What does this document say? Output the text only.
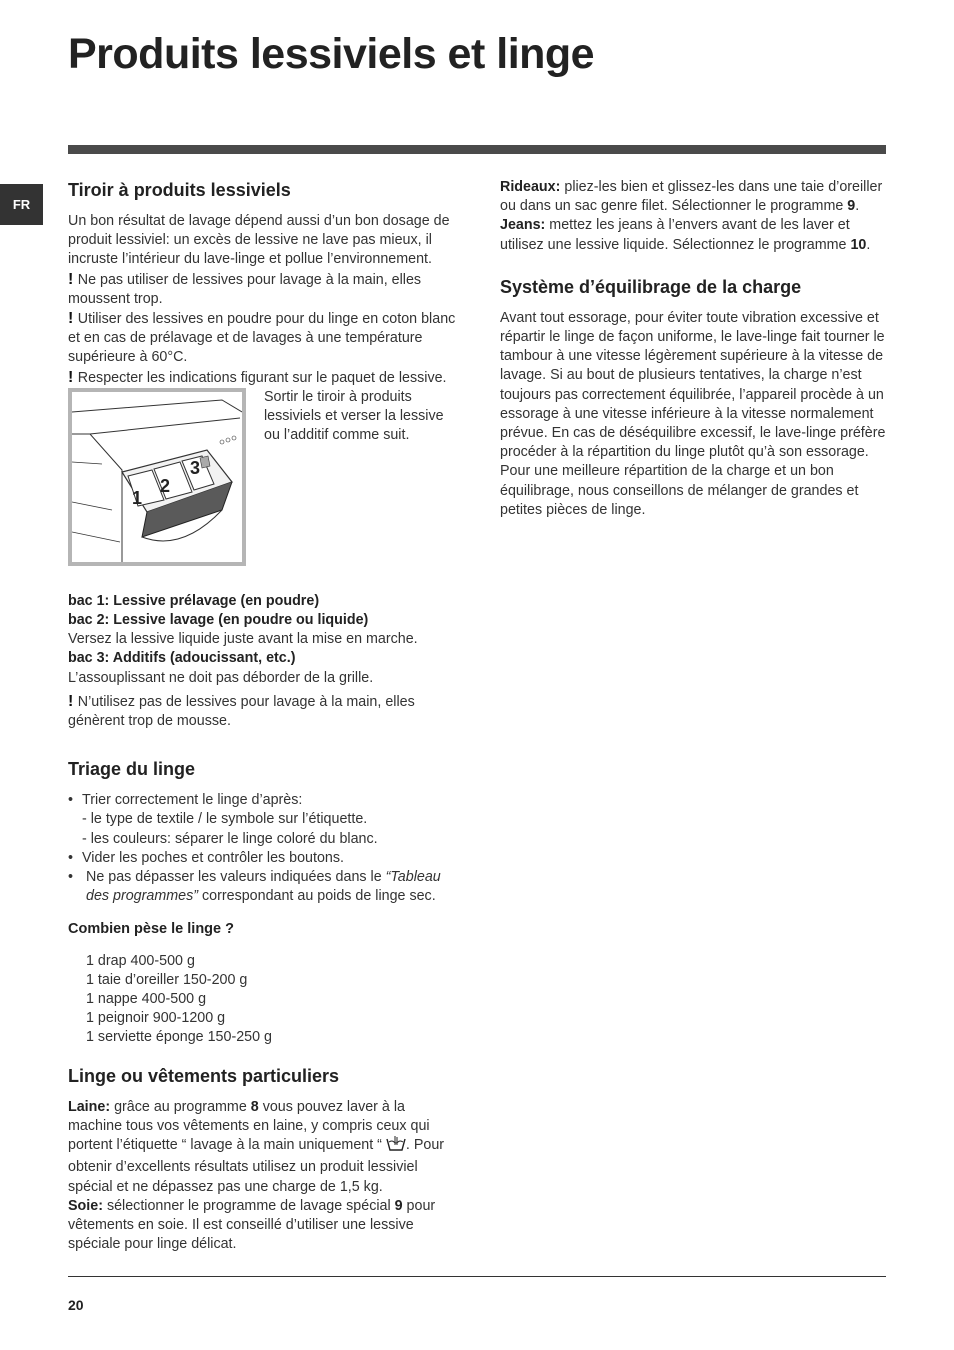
Produits lessiviels et linge
FR
Tiroir à produits lessiviels

Un bon résultat de lavage dépend aussi d’un bon dosage de produit lessiviel: un excès de lessive ne lave pas mieux, il incruste l’intérieur du lave-linge et pollue l’environnement.

! Ne pas utiliser de lessives pour lavage à la main, elles moussent trop.

! Utiliser des lessives en poudre pour du linge en coton blanc et en cas de prélavage et de lavages à une température supérieure à 60°C.

! Respecter les indications figurant sur le paquet de lessive.

1
2
3

Sortir le tiroir à produits lessiviels et verser la lessive ou l’additif comme suit.

bac 1: Lessive prélavage (en poudre)

bac 2: Lessive lavage (en poudre ou liquide)

Versez la lessive liquide juste avant la mise en marche.

bac 3: Additifs (adoucissant, etc.)

L’assouplissant ne doit pas déborder de la grille.

! N’utilisez pas de lessives pour lavage à la main, elles génèrent trop de mousse.

Triage du linge
• Trier correctement le linge d’après:
- le type de textile / le symbole sur l’étiquette.
- les couleurs: séparer le linge coloré du blanc.
• Vider les poches et contrôler les boutons.
• Ne pas dépasser les valeurs indiquées dans le “Tableau des programmes” correspondant au poids de linge sec.
Combien pèse le linge ?
1 drap 400-500 g
1 taie d’oreiller 150-200 g
1 nappe 400-500 g
1 peignoir 900-1200 g
1 serviette éponge 150-250 g
Linge ou vêtements particuliers

Laine: grâce au programme 8 vous pouvez laver à la machine tous vos vêtements en laine, y compris ceux qui portent l’étiquette “ lavage à la main uniquement “ . Pour obtenir d’excellents résultats utilisez un produit lessiviel spécial et ne dépassez pas une charge de 1,5 kg.

Soie: sélectionner le programme de lavage spécial 9 pour vêtements en soie. Il est conseillé d’utiliser une lessive spéciale pour linge délicat.

Rideaux: pliez-les bien et glissez-les dans une taie d’oreiller ou dans un sac genre filet. Sélectionner le programme 9.

Jeans: mettez les jeans à l’envers avant de les laver et utilisez une lessive liquide. Sélectionnez le programme 10.

Système d’équilibrage de la charge

Avant tout essorage, pour éviter toute vibration excessive et répartir le linge de façon uniforme, le lave-linge fait tourner le tambour à une vitesse légèrement supérieure à la vitesse de lavage. Si au bout de plusieurs tentatives, la charge n’est toujours pas correctement équilibrée, l’appareil procède à un essorage à une vitesse inférieure à la vitesse normalement prévue. En cas de déséquilibre excessif, le lave-linge préfère procéder à la répartition du linge plutôt qu’à son essorage. Pour une meilleure répartition de la charge et un bon équilibrage, nous conseillons de mélanger de grandes et petites pièces de linge.

20
